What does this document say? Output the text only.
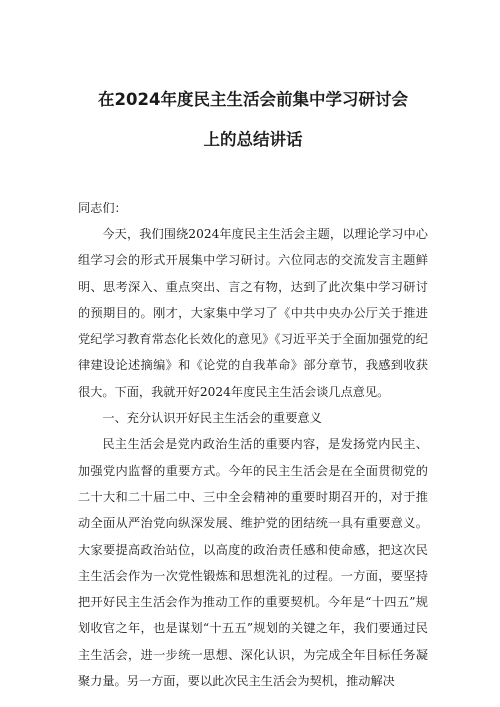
在2024年度民主生活会前集中学习研讨会
上的总结讲话

同志们：

今天，我们围绕2024年度民主生活会主题，以理论学习中心组学习会的形式开展集中学习研讨。六位同志的交流发言主题鲜明、思考深入、重点突出、言之有物，达到了此次集中学习研讨的预期目的。刚才，大家集中学习了《中共中央办公厅关于推进党纪学习教育常态化长效化的意见》《习近平关于全面加强党的纪律建设论述摘编》和《论党的自我革命》部分章节，我感到收获很大。下面，我就开好2024年度民主生活会谈几点意见。

一、充分认识开好民主生活会的重要意义

民主生活会是党内政治生活的重要内容，是发扬党内民主、加强党内监督的重要方式。今年的民主生活会是在全面贯彻党的二十大和二十届二中、三中全会精神的重要时期召开的，对于推动全面从严治党向纵深发展、维护党的团结统一具有重要意义。大家要提高政治站位，以高度的政治责任感和使命感，把这次民主生活会作为一次党性锻炼和思想洗礼的过程。一方面，要坚持把开好民主生活会作为推动工作的重要契机。今年是“十四五”规划收官之年，也是谋划“十五五”规划的关键之年，我们要通过民主生活会，进一步统一思想、深化认识，为完成全年目标任务凝聚力量。另一方面，要以此次民主生活会为契机，推动解决
